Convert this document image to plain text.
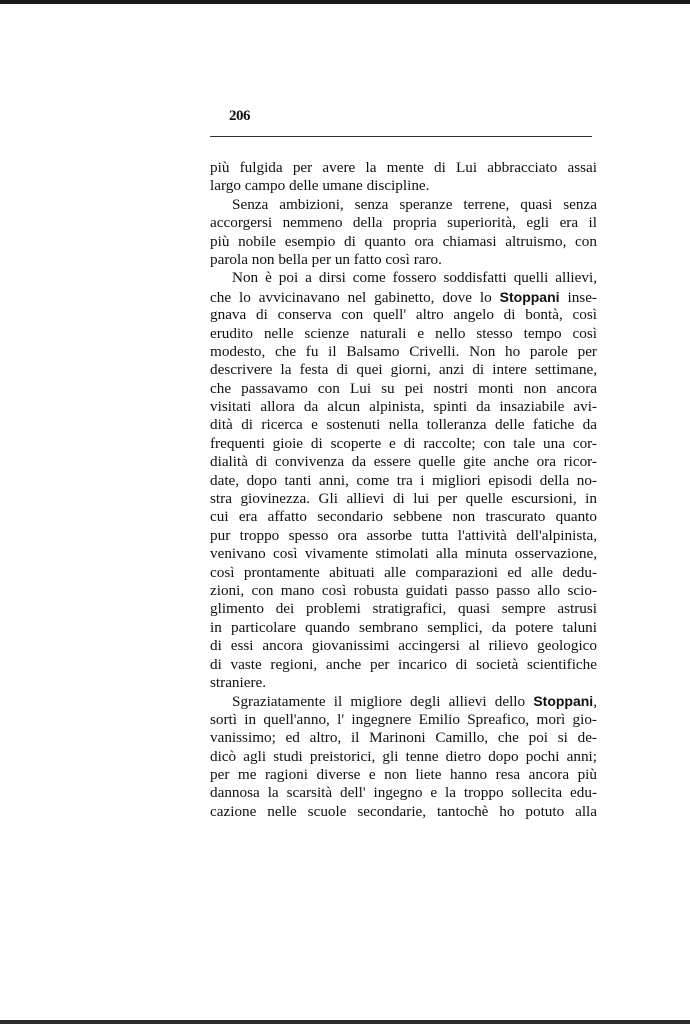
206
più fulgida per avere la mente di Lui abbracciato assai
largo campo delle umane discipline.
Senza ambizioni, senza speranze terrene, quasi senza
accorgersi nemmeno della propria superiorità, egli era il
più nobile esempio di quanto ora chiamasi altruismo, con
parola non bella per un fatto così raro.
Non è poi a dirsi come fossero soddisfatti quelli allievi,
che lo avvicinavano nel gabinetto, dove lo Stoppani inse-
gnava di conserva con quell' altro angelo di bontà, così
erudito nelle scienze naturali e nello stesso tempo così
modesto, che fu il Balsamo Crivelli. Non ho parole per
descrivere la festa di quei giorni, anzi di intere settimane,
che passavamo con Lui su pei nostri monti non ancora
visitati allora da alcun alpinista, spinti da insaziabile avi-
dità di ricerca e sostenuti nella tolleranza delle fatiche da
frequenti gioie di scoperte e di raccolte; con tale una cor-
dialità di convivenza da essere quelle gite anche ora ricor-
date, dopo tanti anni, come tra i migliori episodi della no-
stra giovinezza. Gli allievi di lui per quelle escursioni, in
cui era affatto secondario sebbene non trascurato quanto
pur troppo spesso ora assorbe tutta l'attività dell'alpinista,
venivano così vivamente stimolati alla minuta osservazione,
così prontamente abituati alle comparazioni ed alle dedu-
zioni, con mano così robusta guidati passo passo allo scio-
glimento dei problemi stratigrafici, quasi sempre astrusi
in particolare quando sembrano semplici, da potere taluni
di essi ancora giovanissimi accingersi al rilievo geologico
di vaste regioni, anche per incarico di società scientifiche
straniere.
Sgraziatamente il migliore degli allievi dello Stoppani,
sortì in quell'anno, l' ingegnere Emilio Spreafico, morì gio-
vanissimo; ed altro, il Marinoni Camillo, che poi si de-
dicò agli studi preistorici, gli tenne dietro dopo pochi anni;
per me ragioni diverse e non liete hanno resa ancora più
dannosa la scarsità dell' ingegno e la troppo sollecita edu-
cazione nelle scuole secondarie, tantochè ho potuto alla
